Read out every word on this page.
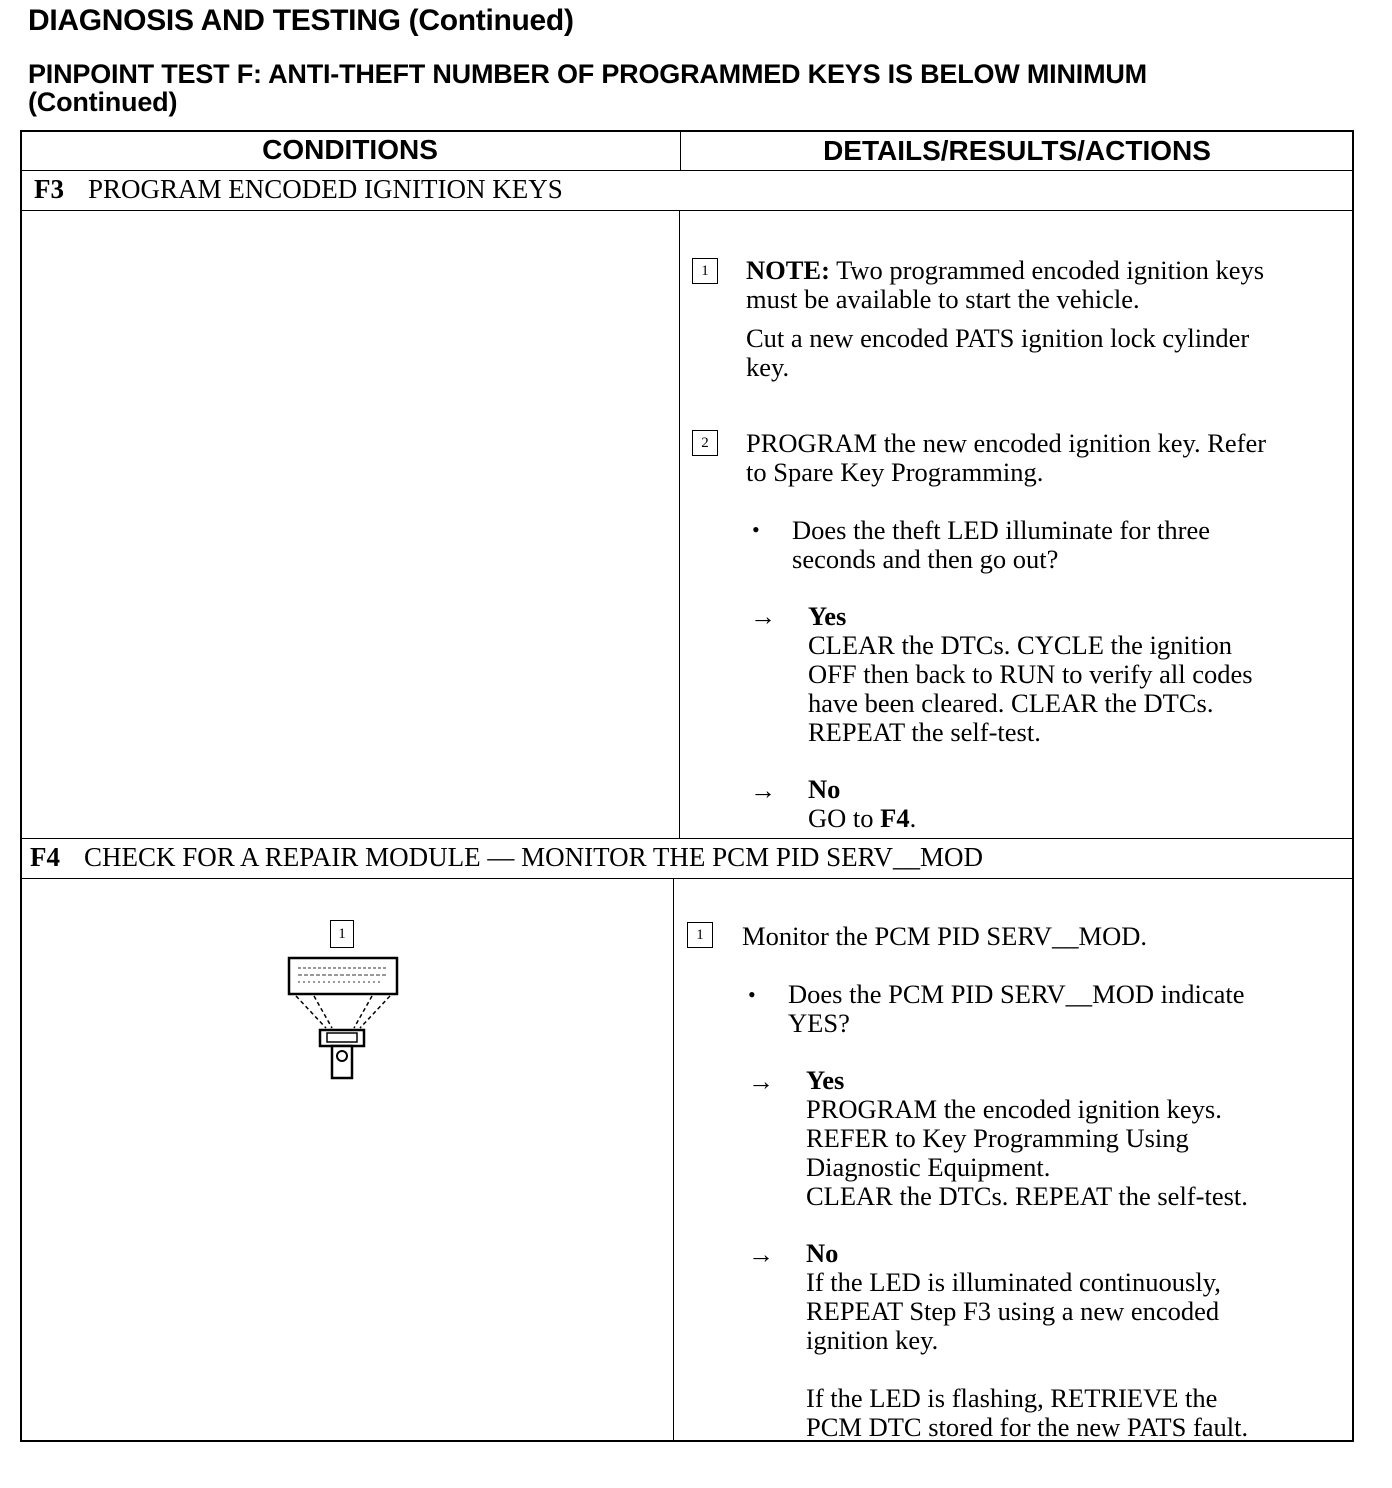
DIAGNOSIS AND TESTING (Continued)
PINPOINT TEST F: ANTI-THEFT NUMBER OF PROGRAMMED KEYS IS BELOW MINIMUM
(Continued)
CONDITIONS	DETAILS/RESULTS/ACTIONS
F3 PROGRAM ENCODED IGNITION KEYS
1	NOTE: Two programmed encoded ignition keys
must be available to start the vehicle.
Cut a new encoded PATS ignition lock cylinder
key.
2	PROGRAM the new encoded ignition key. Refer
to Spare Key Programming.
• Does the theft LED illuminate for three
seconds and then go out?
→ Yes
CLEAR the DTCs. CYCLE the ignition
OFF then back to RUN to verify all codes
have been cleared. CLEAR the DTCs.
REPEAT the self-test.
→ No
GO to F4.
F4 CHECK FOR A REPAIR MODULE — MONITOR THE PCM PID SERV__MOD
1	1	Monitor the PCM PID SERV__MOD.
• Does the PCM PID SERV__MOD indicate
YES?
→ Yes
PROGRAM the encoded ignition keys.
REFER to Key Programming Using
Diagnostic Equipment.
CLEAR the DTCs. REPEAT the self-test.
→ No
If the LED is illuminated continuously,
REPEAT Step F3 using a new encoded
ignition key.
If the LED is flashing, RETRIEVE the
PCM DTC stored for the new PATS fault.
